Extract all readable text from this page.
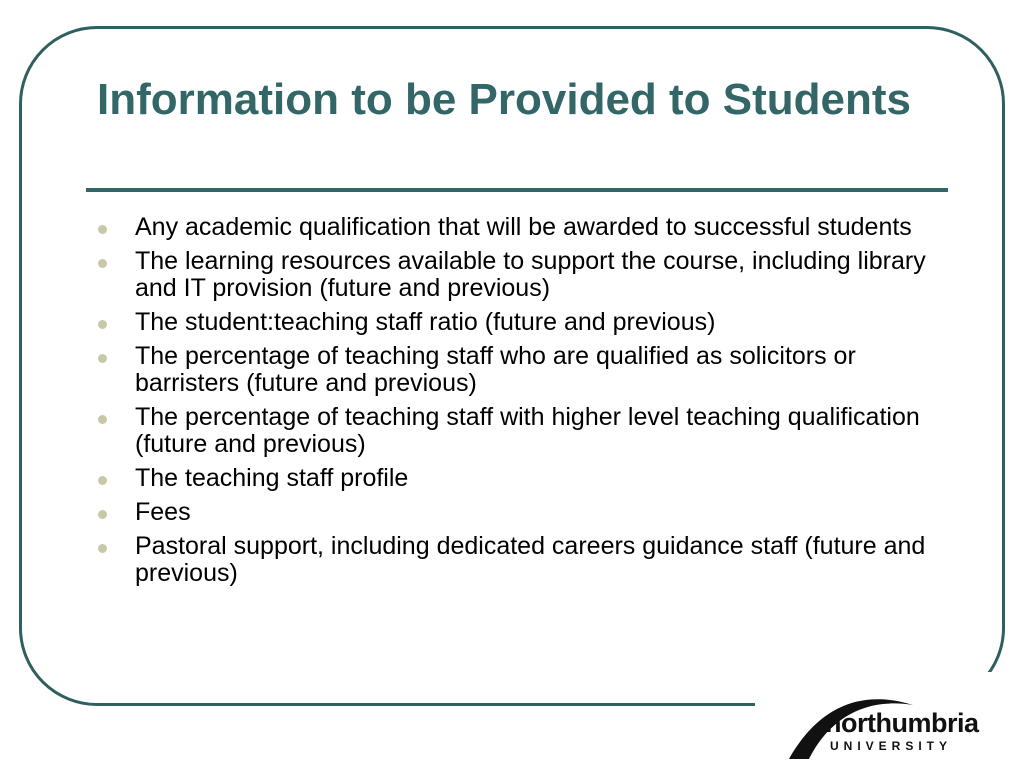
Information to be Provided to Students
Any academic qualification that will be awarded to successful students
The learning resources available to support the course, including library and IT provision (future and previous)
The student:teaching staff ratio (future and previous)
The percentage of teaching staff who are qualified as solicitors or barristers (future and previous)
The percentage of teaching staff with higher level teaching qualification (future and previous)
The teaching staff profile
Fees
Pastoral support, including dedicated careers guidance staff (future and previous)
northumbria
UNIVERSITY
